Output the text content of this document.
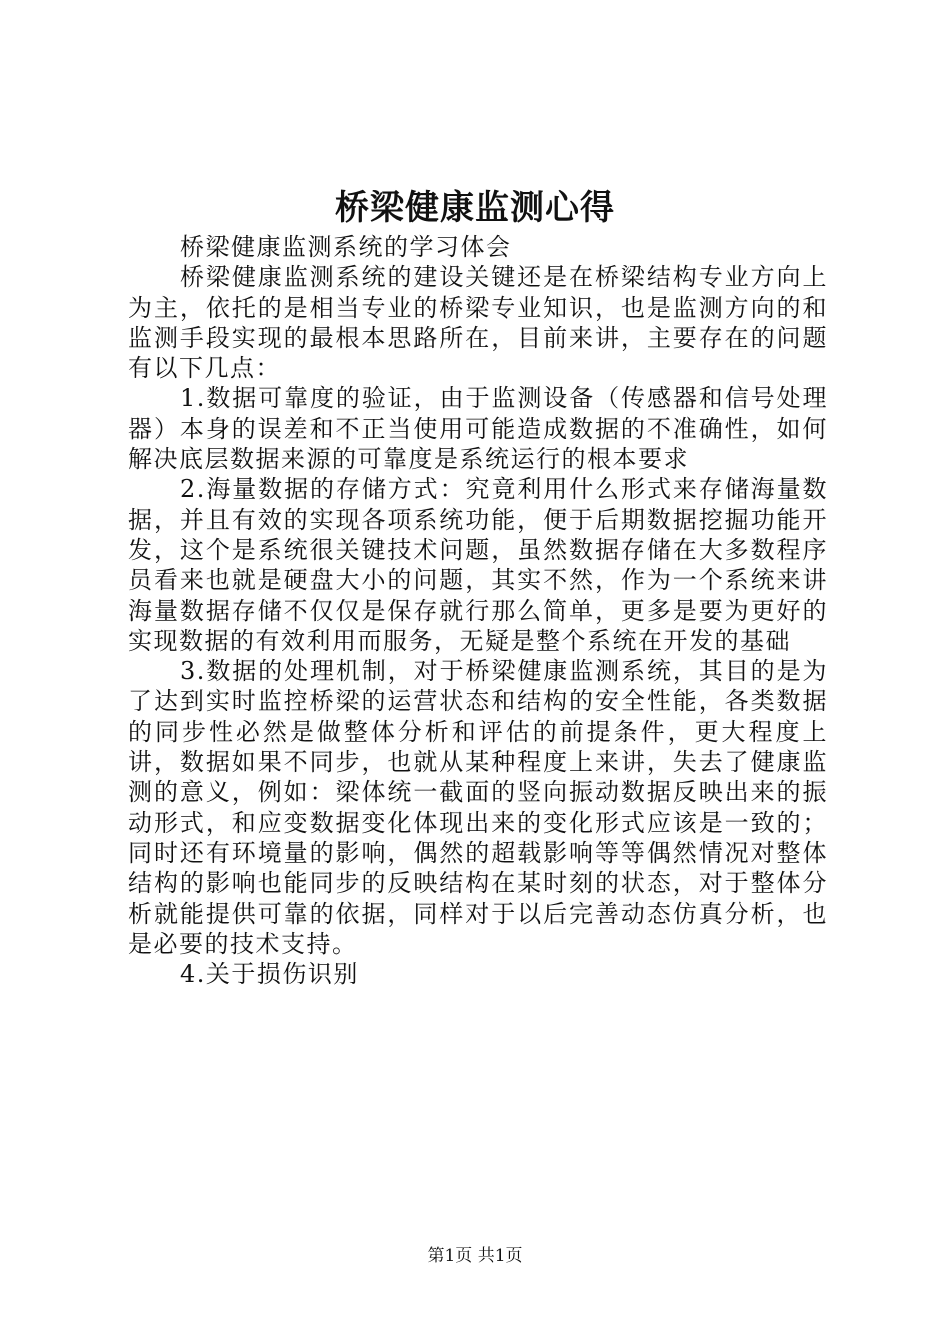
桥梁健康监测心得

桥梁健康监测系统的学习体会

桥梁健康监测系统的建设关键还是在桥梁结构专业方向上为主，依托的是相当专业的桥梁专业知识，也是监测方向的和监测手段实现的最根本思路所在，目前来讲，主要存在的问题有以下几点：

1.数据可靠度的验证，由于监测设备（传感器和信号处理器）本身的误差和不正当使用可能造成数据的不准确性，如何解决底层数据来源的可靠度是系统运行的根本要求

2.海量数据的存储方式：究竟利用什么形式来存储海量数据，并且有效的实现各项系统功能，便于后期数据挖掘功能开发，这个是系统很关键技术问题，虽然数据存储在大多数程序员看来也就是硬盘大小的问题，其实不然，作为一个系统来讲海量数据存储不仅仅是保存就行那么简单，更多是要为更好的实现数据的有效利用而服务，无疑是整个系统在开发的基础

3.数据的处理机制，对于桥梁健康监测系统，其目的是为了达到实时监控桥梁的运营状态和结构的安全性能，各类数据的同步性必然是做整体分析和评估的前提条件，更大程度上讲，数据如果不同步，也就从某种程度上来讲，失去了健康监测的意义，例如：梁体统一截面的竖向振动数据反映出来的振动形式，和应变数据变化体现出来的变化形式应该是一致的；同时还有环境量的影响，偶然的超载影响等等偶然情况对整体结构的影响也能同步的反映结构在某时刻的状态，对于整体分析就能提供可靠的依据，同样对于以后完善动态仿真分析，也是必要的技术支持。

4.关于损伤识别

第1页 共1页
